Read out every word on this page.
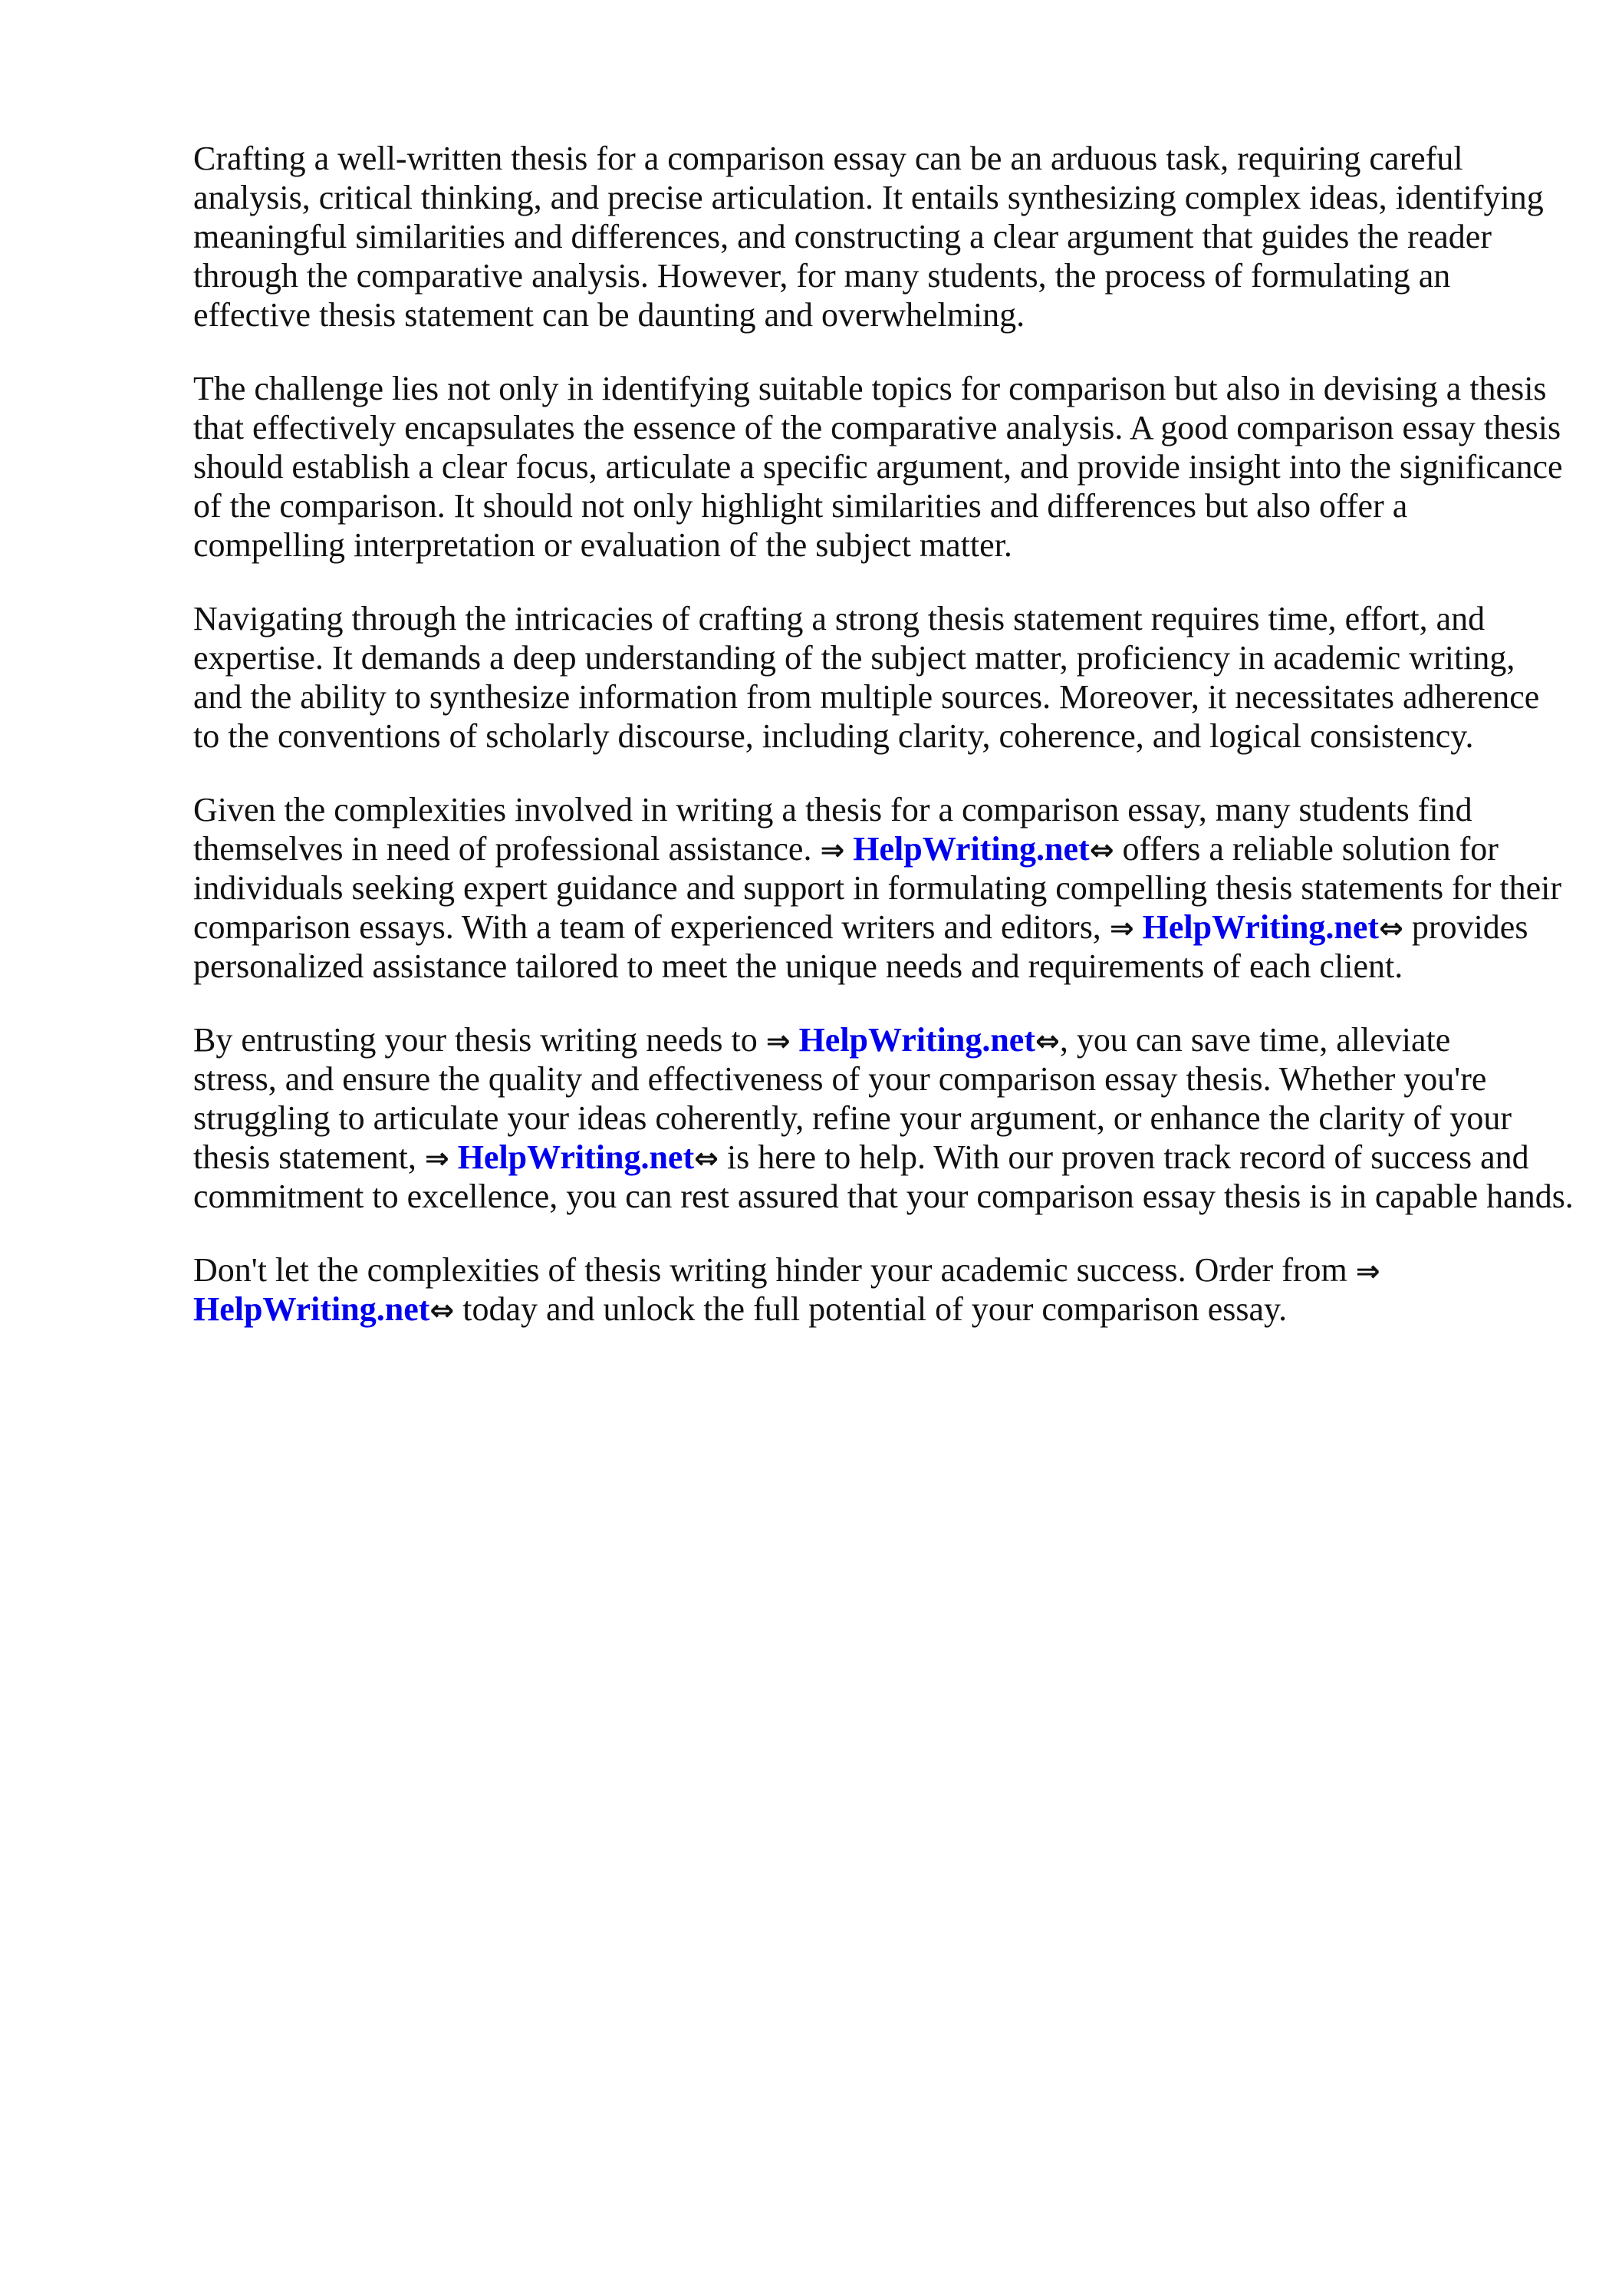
Crafting a well-written thesis for a comparison essay can be an arduous task, requiring careful
analysis, critical thinking, and precise articulation. It entails synthesizing complex ideas, identifying
meaningful similarities and differences, and constructing a clear argument that guides the reader
through the comparative analysis. However, for many students, the process of formulating an
effective thesis statement can be daunting and overwhelming.
The challenge lies not only in identifying suitable topics for comparison but also in devising a thesis
that effectively encapsulates the essence of the comparative analysis. A good comparison essay thesis
should establish a clear focus, articulate a specific argument, and provide insight into the significance
of the comparison. It should not only highlight similarities and differences but also offer a
compelling interpretation or evaluation of the subject matter.
Navigating through the intricacies of crafting a strong thesis statement requires time, effort, and
expertise. It demands a deep understanding of the subject matter, proficiency in academic writing,
and the ability to synthesize information from multiple sources. Moreover, it necessitates adherence
to the conventions of scholarly discourse, including clarity, coherence, and logical consistency.
Given the complexities involved in writing a thesis for a comparison essay, many students find
themselves in need of professional assistance. ⇒ HelpWriting.net⇔ offers a reliable solution for
individuals seeking expert guidance and support in formulating compelling thesis statements for their
comparison essays. With a team of experienced writers and editors, ⇒ HelpWriting.net⇔ provides
personalized assistance tailored to meet the unique needs and requirements of each client.
By entrusting your thesis writing needs to ⇒ HelpWriting.net⇔, you can save time, alleviate
stress, and ensure the quality and effectiveness of your comparison essay thesis. Whether you're
struggling to articulate your ideas coherently, refine your argument, or enhance the clarity of your
thesis statement, ⇒ HelpWriting.net⇔ is here to help. With our proven track record of success and
commitment to excellence, you can rest assured that your comparison essay thesis is in capable hands.
Don't let the complexities of thesis writing hinder your academic success. Order from ⇒
HelpWriting.net⇔ today and unlock the full potential of your comparison essay.
